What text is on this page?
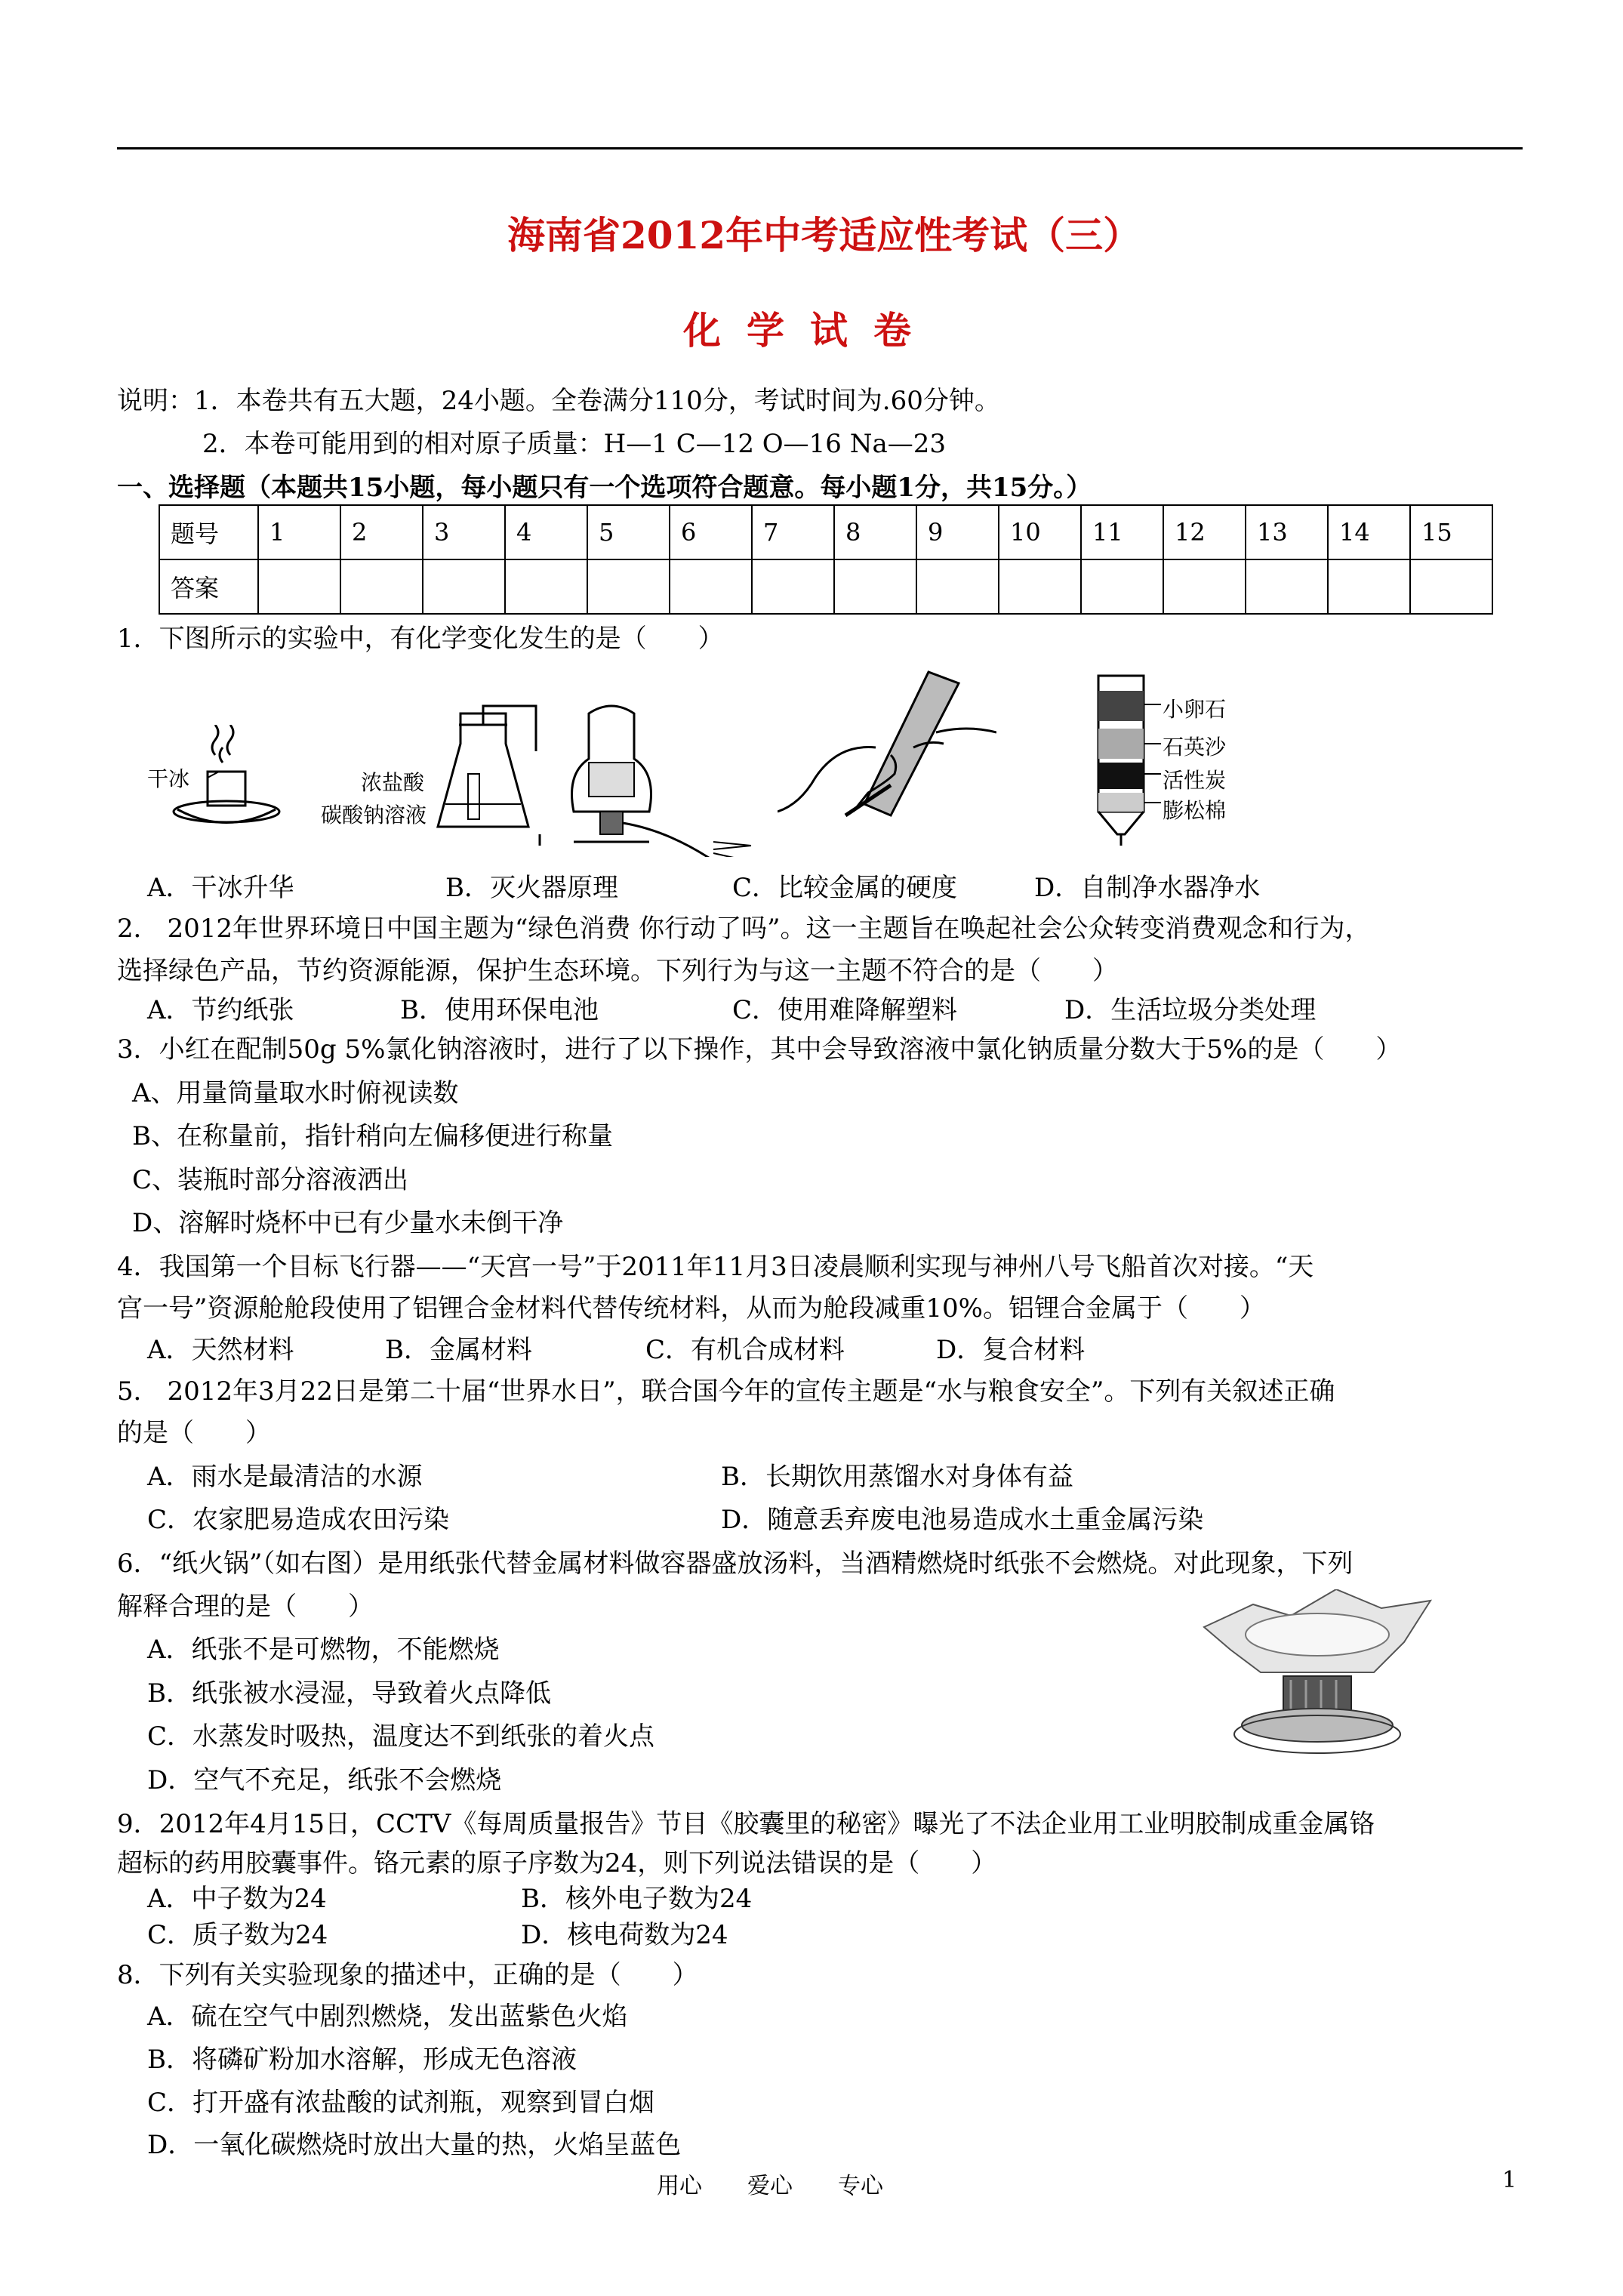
海南省2012年中考适应性考试（三）
化学试卷
说明：1．本卷共有五大题，24小题。全卷满分110分，考试时间为.60分钟。
2．本卷可能用到的相对原子质量：H—1 C—12 O—16 Na—23
一、选择题（本题共15小题，每小题只有一个选项符合题意。每小题1分，共15分。）
题号	1	2	3	4	5	6	7	8	9	10	11	12	13	14	15
答案															
1．下图所示的实验中，有化学变化发生的是（　　）
干冰	浓盐酸
碳酸钠溶液
小卵石
石英沙
活性炭
膨松棉
A．干冰升华	B．灭火器原理	C．比较金属的硬度	D．自制净水器净水
2． 2012年世界环境日中国主题为“绿色消费 你行动了吗”。这一主题旨在唤起社会公众转变消费观念和行为，
选择绿色产品，节约资源能源，保护生态环境。下列行为与这一主题不符合的是（　　）
A．节约纸张	B．使用环保电池	C．使用难降解塑料	D．生活垃圾分类处理
3．小红在配制50g 5%氯化钠溶液时，进行了以下操作，其中会导致溶液中氯化钠质量分数大于5%的是（　　）
A、用量筒量取水时俯视读数
B、在称量前，指针稍向左偏移便进行称量
C、装瓶时部分溶液洒出
D、溶解时烧杯中已有少量水未倒干净
4．我国第一个目标飞行器——“天宫一号”于2011年11月3日凌晨顺利实现与神州八号飞船首次对接。“天
宫一号”资源舱舱段使用了铝锂合金材料代替传统材料，从而为舱段减重10%。铝锂合金属于（　　）
A．天然材料	B．金属材料	C．有机合成材料	D．复合材料
5． 2012年3月22日是第二十届“世界水日”，联合国今年的宣传主题是“水与粮食安全”。下列有关叙述正确
的是（　　）
A．雨水是最清洁的水源	B．长期饮用蒸馏水对身体有益
C．农家肥易造成农田污染	D．随意丢弃废电池易造成水土重金属污染
6．“纸火锅”（如右图）是用纸张代替金属材料做容器盛放汤料，当酒精燃烧时纸张不会燃烧。对此现象，下列
解释合理的是（　　）
A．纸张不是可燃物，不能燃烧
B．纸张被水浸湿，导致着火点降低
C．水蒸发时吸热，温度达不到纸张的着火点
D．空气不充足，纸张不会燃烧
9．2012年4月15日，CCTV《每周质量报告》节目《胶囊里的秘密》曝光了不法企业用工业明胶制成重金属铬
超标的药用胶囊事件。铬元素的原子序数为24，则下列说法错误的是（　　）
A．中子数为24	B．核外电子数为24
C．质子数为24	D．核电荷数为24
8．下列有关实验现象的描述中，正确的是（　　）
A．硫在空气中剧烈燃烧，发出蓝紫色火焰
B．将磷矿粉加水溶解，形成无色溶液
C．打开盛有浓盐酸的试剂瓶，观察到冒白烟
D．一氧化碳燃烧时放出大量的热，火焰呈蓝色
用心　　爱心　　专心	1
